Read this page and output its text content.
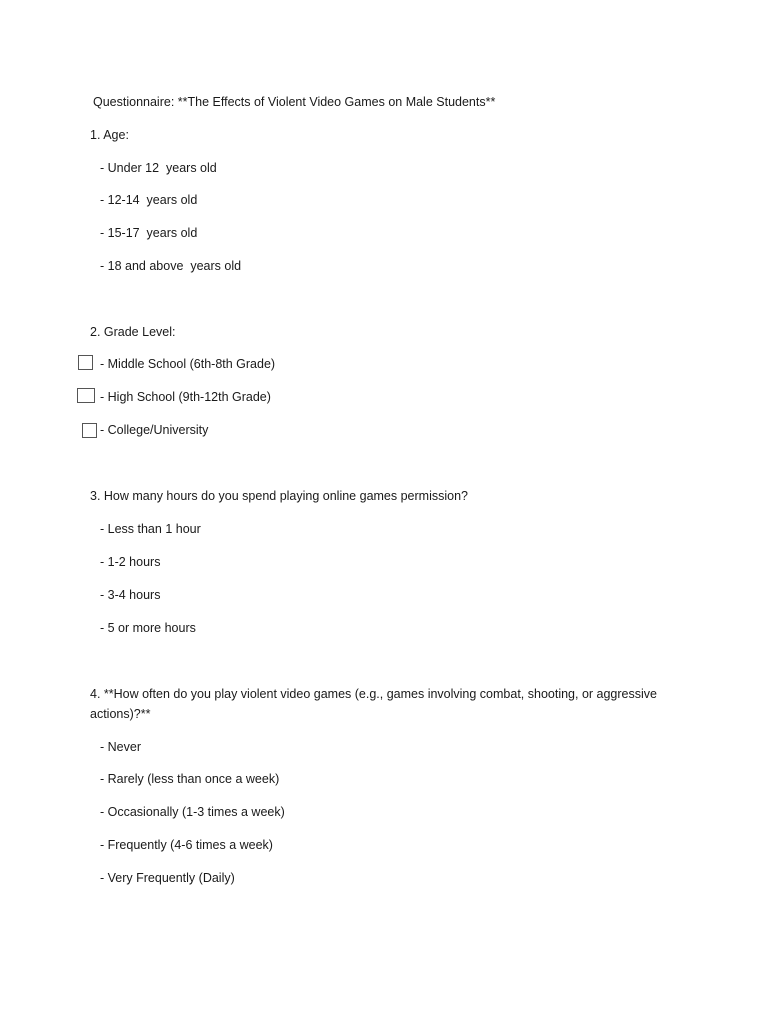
Questionnaire: **The Effects of Violent Video Games on Male Students**
1. Age:
- Under 12  years old
- 12-14  years old
- 15-17  years old
- 18 and above  years old
2. Grade Level:
- Middle School (6th-8th Grade)
- High School (9th-12th Grade)
- College/University
3. How many hours do you spend playing online games permission?
- Less than 1 hour
- 1-2 hours
- 3-4 hours
- 5 or more hours
4. **How often do you play violent video games (e.g., games involving combat, shooting, or aggressive
actions)?**
- Never
- Rarely (less than once a week)
- Occasionally (1-3 times a week)
- Frequently (4-6 times a week)
- Very Frequently (Daily)
